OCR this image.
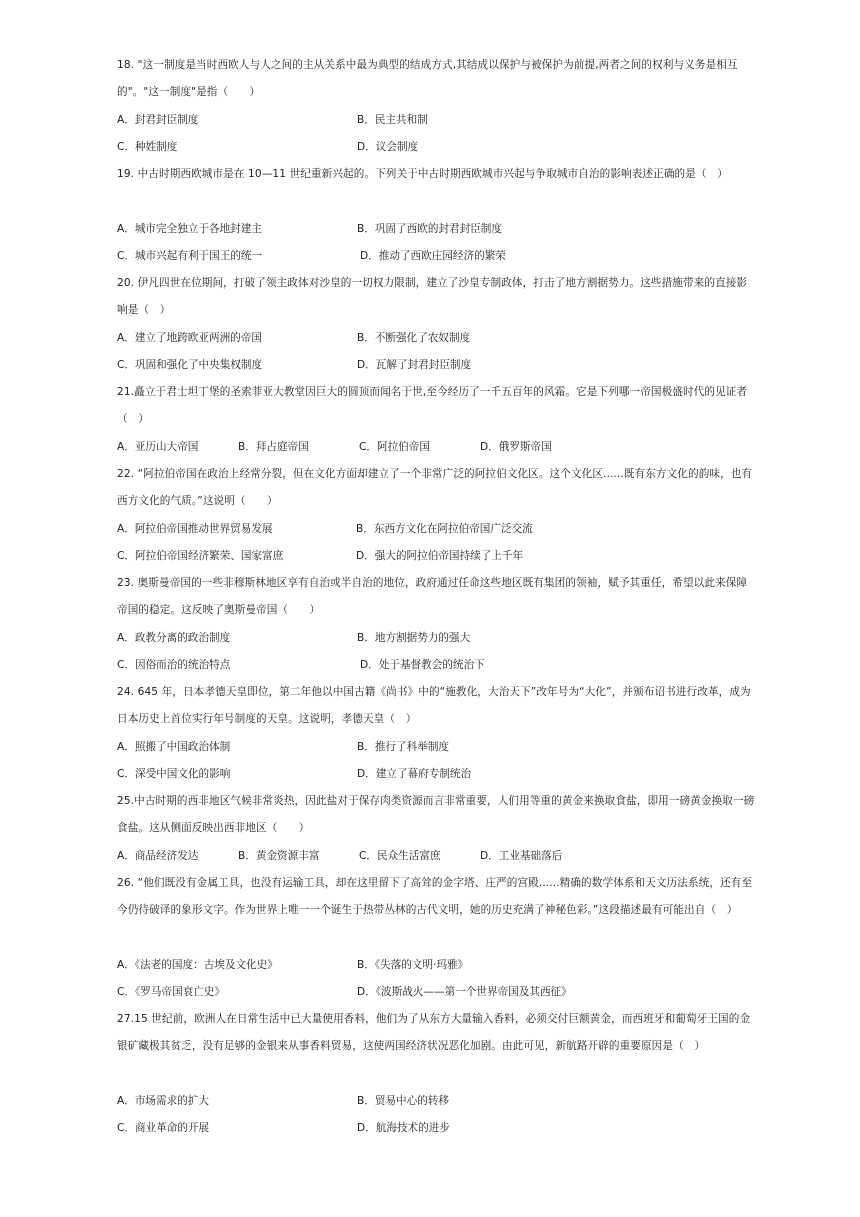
18. "这一制度是当时西欧人与人之间的主从关系中最为典型的结成方式,其结成以保护与被保护为前提,两者之间的权利与义务是相互的"。"这一制度"是指（　　）
A．封君封臣制度	B．民主共和制
C．种姓制度	D．议会制度
19. 中古时期西欧城市是在 10—11 世纪重新兴起的。下列关于中古时期西欧城市兴起与争取城市自治的影响表述正确的是（　）
A．城市完全独立于各地封建主	B．巩固了西欧的封君封臣制度
C．城市兴起有利于国王的统一	D．推动了西欧庄园经济的繁荣
20. 伊凡四世在位期间，打破了领主政体对沙皇的一切权力限制，建立了沙皇专制政体，打击了地方割据势力。这些措施带来的直接影响是（　）
A．建立了地跨欧亚两洲的帝国	B．不断强化了农奴制度
C．巩固和强化了中央集权制度	D．瓦解了封君封臣制度
21.矗立于君士坦丁堡的圣索菲亚大教堂因巨大的圆顶而闻名于世,至今经历了一千五百年的风霜。它是下列哪一帝国极盛时代的见证者（　）
A．亚历山大帝国	B．拜占庭帝国	C．阿拉伯帝国	D．俄罗斯帝国
22. “阿拉伯帝国在政治上经常分裂，但在文化方面却建立了一个非常广泛的阿拉伯文化区。这个文化区......既有东方文化的韵味，也有西方文化的气质。”这说明（　　）
A．阿拉伯帝国推动世界贸易发展	B．东西方文化在阿拉伯帝国广泛交流
C．阿拉伯帝国经济繁荣、国家富庶	D．强大的阿拉伯帝国持续了上千年
23. 奥斯曼帝国的一些非穆斯林地区享有自治或半自治的地位，政府通过任命这些地区既有集团的领袖，赋予其重任，希望以此来保障帝国的稳定。这反映了奥斯曼帝国（　　）
A．政教分离的政治制度	B．地方割据势力的强大
C．因俗而治的统治特点	D．处于基督教会的统治下
24. 645 年，日本孝德天皇即位，第二年他以中国古籍《尚书》中的“施教化，大治天下”改年号为“大化”，并颁布诏书进行改革，成为日本历史上首位实行年号制度的天皇。这说明，孝德天皇（　）
A．照搬了中国政治体制	B．推行了科举制度
C．深受中国文化的影响	D．建立了幕府专制统治
25.中古时期的西非地区气候非常炎热，因此盐对于保存肉类资源而言非常重要，人们用等重的黄金来换取食盐，即用一磅黄金换取一磅食盐。这从侧面反映出西非地区（　　）
A．商品经济发达	B．黄金资源丰富	C．民众生活富庶	D．工业基础落后
26. “他们既没有金属工具，也没有运输工具，却在这里留下了高耸的金字塔、庄严的宫殿......精确的数学体系和天文历法系统，还有至今仍待破译的象形文字。作为世界上唯一一个诞生于热带丛林的古代文明，她的历史充满了神秘色彩。”这段描述最有可能出自（　）
A．《法老的国度：古埃及文化史》	B．《失落的文明·玛雅》
C．《罗马帝国衰亡史》	D．《波斯战火——第一个世界帝国及其西征》
27.15 世纪前，欧洲人在日常生活中已大量使用香料，他们为了从东方大量输入香料，必须交付巨额黄金，而西班牙和葡萄牙王国的金银矿藏极其贫乏，没有足够的金银来从事香料贸易，这使两国经济状况恶化加剧。由此可见，新航路开辟的重要原因是（　）
A．市场需求的扩大	B．贸易中心的转移
C．商业革命的开展	D．航海技术的进步
